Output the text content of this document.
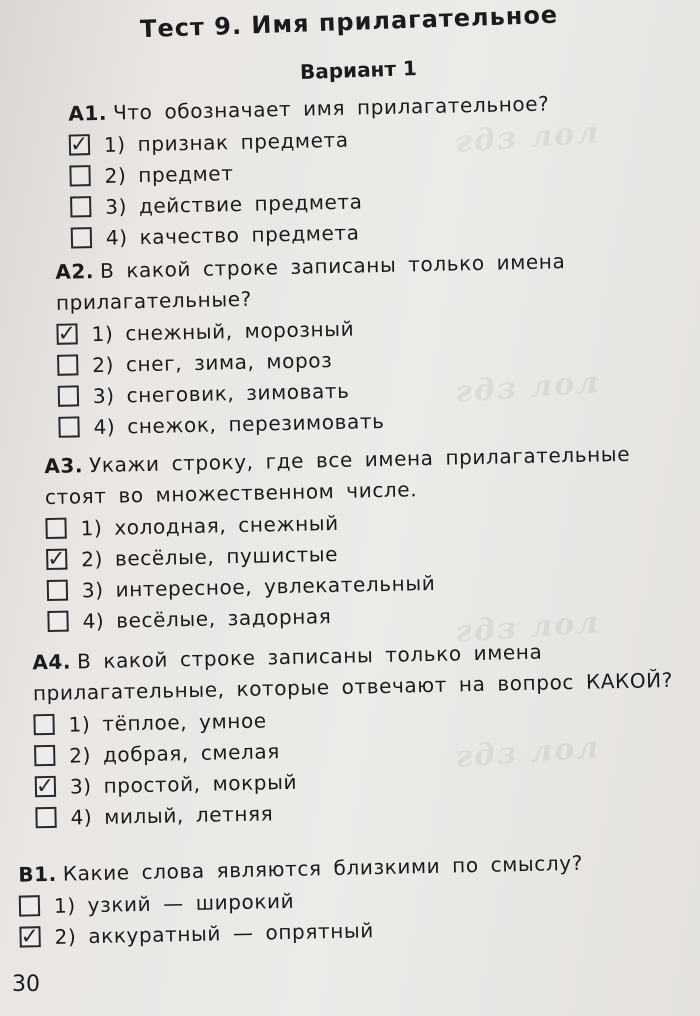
гдз лол
гдз лол
гдз лол
гдз лол
Тест 9. Имя прилагательное
Вариант 1

A1. Что обозначает имя прилагательное?

✓ 1) признак предмета
2) предмет
3) действие предмета
4) качество предмета

A2. В какой строке записаны только имена прилагательные?

✓ 1) снежный, морозный
2) снег, зима, мороз
3) снеговик, зимовать
4) снежок, перезимовать

A3. Укажи строку, где все имена прилагательные стоят во множественном числе.

1) холодная, снежный
✓ 2) весёлые, пушистые
3) интересное, увлекательный
4) весёлые, задорная

A4. В какой строке записаны только имена прилагательные, которые отвечают на вопрос КАКОЙ?

1) тёплое, умное
2) добрая, смелая
✓ 3) простой, мокрый
4) милый, летняя

B1. Какие слова являются близкими по смыслу?

1) узкий — широкий
✓ 2) аккуратный — опрятный
30
